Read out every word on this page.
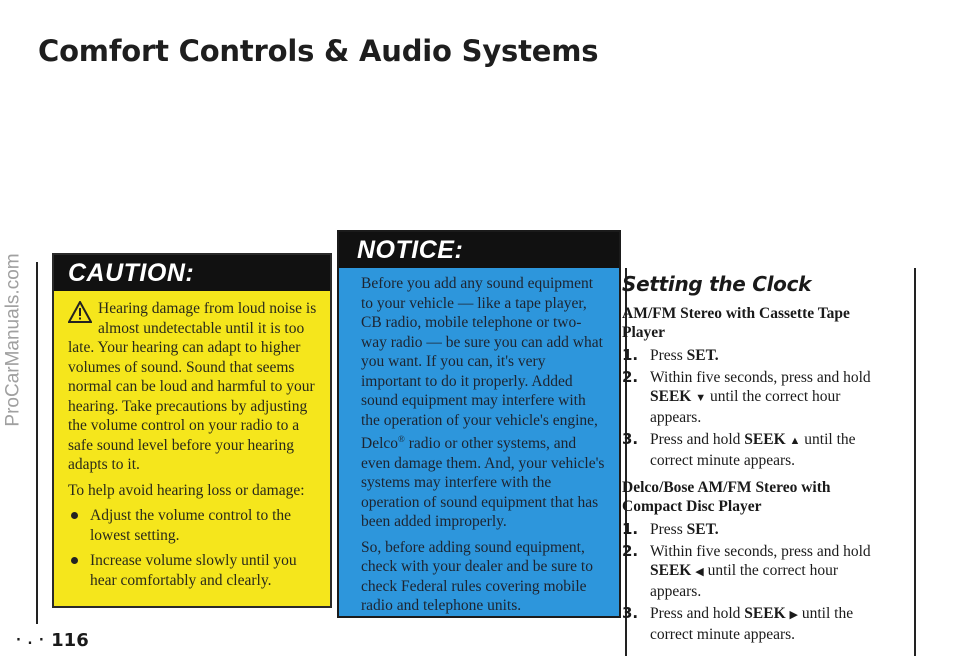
ProCarManuals.com
Comfort Controls & Audio Systems
CAUTION:

Hearing damage from loud noise is almost undetectable until it is too late. Your hearing can adapt to higher volumes of sound. Sound that seems normal can be loud and harmful to your hearing. Take precautions by adjusting the volume control on your radio to a safe sound level before your hearing adapts to it.

To help avoid hearing loss or damage:

Adjust the volume control to the lowest setting.
Increase volume slowly until you hear comfortably and clearly.
NOTICE:

Before you add any sound equipment to your vehicle — like a tape player, CB radio, mobile telephone or two-way radio — be sure you can add what you want. If you can, it's very important to do it properly. Added sound equipment may interfere with the operation of your vehicle's engine, Delco® radio or other systems, and even damage them. And, your vehicle's systems may interfere with the operation of sound equipment that has been added improperly.

So, before adding sound equipment, check with your dealer and be sure to check Federal rules covering mobile radio and telephone units.

Setting the Clock
AM/FM Stereo with Cassette Tape Player
1. Press SET.
2. Within five seconds, press and hold SEEK ▼ until the correct hour appears.
3. Press and hold SEEK ▲ until the correct minute appears.
Delco/Bose AM/FM Stereo with Compact Disc Player
1. Press SET.
2. Within five seconds, press and hold SEEK ◀ until the correct hour appears.
3. Press and hold SEEK ▶ until the correct minute appears.
· . · 116
